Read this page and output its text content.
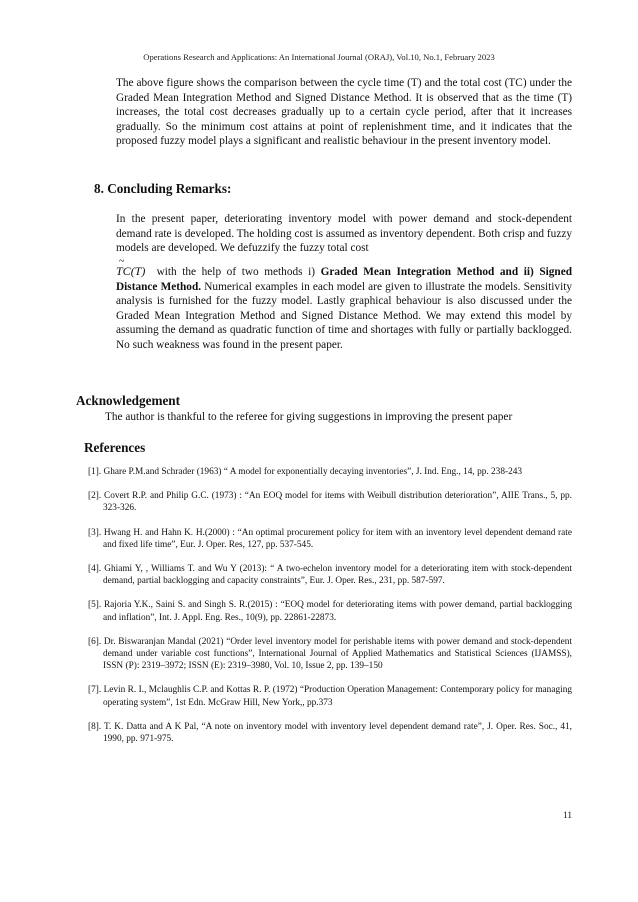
Operations Research and Applications: An International Journal (ORAJ), Vol.10, No.1, February 2023
The above figure shows the comparison between the cycle time (T) and the total cost (TC) under the Graded Mean Integration Method and Signed Distance Method. It is observed that as the time (T) increases, the total cost decreases gradually up to a certain cycle period, after that it increases gradually. So the minimum cost attains at point of replenishment time, and it indicates that the proposed fuzzy model plays a significant and realistic behaviour in the present inventory model.
8. Concluding Remarks:
In the present paper, deteriorating inventory model with power demand and stock-dependent demand rate is developed. The holding cost is assumed as inventory dependent. Both crisp and fuzzy models are developed. We defuzzify the fuzzy total cost
~
TC(T) with the help of two methods i) Graded Mean Integration Method and ii) Signed Distance Method. Numerical examples in each model are given to illustrate the models. Sensitivity analysis is furnished for the fuzzy model. Lastly graphical behaviour is also discussed under the Graded Mean Integration Method and Signed Distance Method. We may extend this model by assuming the demand as quadratic function of time and shortages with fully or partially backlogged. No such weakness was found in the present paper.
Acknowledgement
The author is thankful to the referee for giving suggestions in improving the present paper
References
[1]. Ghare P.M.and Schrader (1963) “ A model for exponentially decaying inventories”, J. Ind. Eng., 14, pp. 238-243
[2]. Covert R.P. and Philip G.C. (1973) : “An EOQ model for items with Weibull distribution deterioration”, AIIE Trans., 5, pp. 323-326.
[3]. Hwang H. and Hahn K. H.(2000) : “An optimal procurement policy for item with an inventory level dependent demand rate and fixed life time”, Eur. J. Oper. Res, 127, pp. 537-545.
[4]. Ghiami Y, , Williams T. and Wu Y (2013): “ A two-echelon inventory model for a deteriorating item with stock-dependent demand, partial backlogging and capacity constraints”, Eur. J. Oper. Res., 231, pp. 587-597.
[5]. Rajoria Y.K., Saini S. and Singh S. R.(2015) : “EOQ model for deteriorating items with power demand, partial backlogging and inflation”, Int. J. Appl. Eng. Res., 10(9), pp. 22861-22873.
[6]. Dr. Biswaranjan Mandal (2021) “Order level inventory model for perishable items with power demand and stock-dependent demand under variable cost functions”, International Journal of Applied Mathematics and Statistical Sciences (IJAMSS), ISSN (P): 2319–3972; ISSN (E): 2319–3980, Vol. 10, Issue 2, pp. 139–150
[7]. Levin R. I., Mclaughlis C.P. and Kottas R. P. (1972) “Production Operation Management: Contemporary policy for managing operating system”, 1st Edn. McGraw Hill, New York,, pp.373
[8]. T. K. Datta and A K Pal, “A note on inventory model with inventory level dependent demand rate”, J. Oper. Res. Soc., 41, 1990, pp. 971-975.
11
